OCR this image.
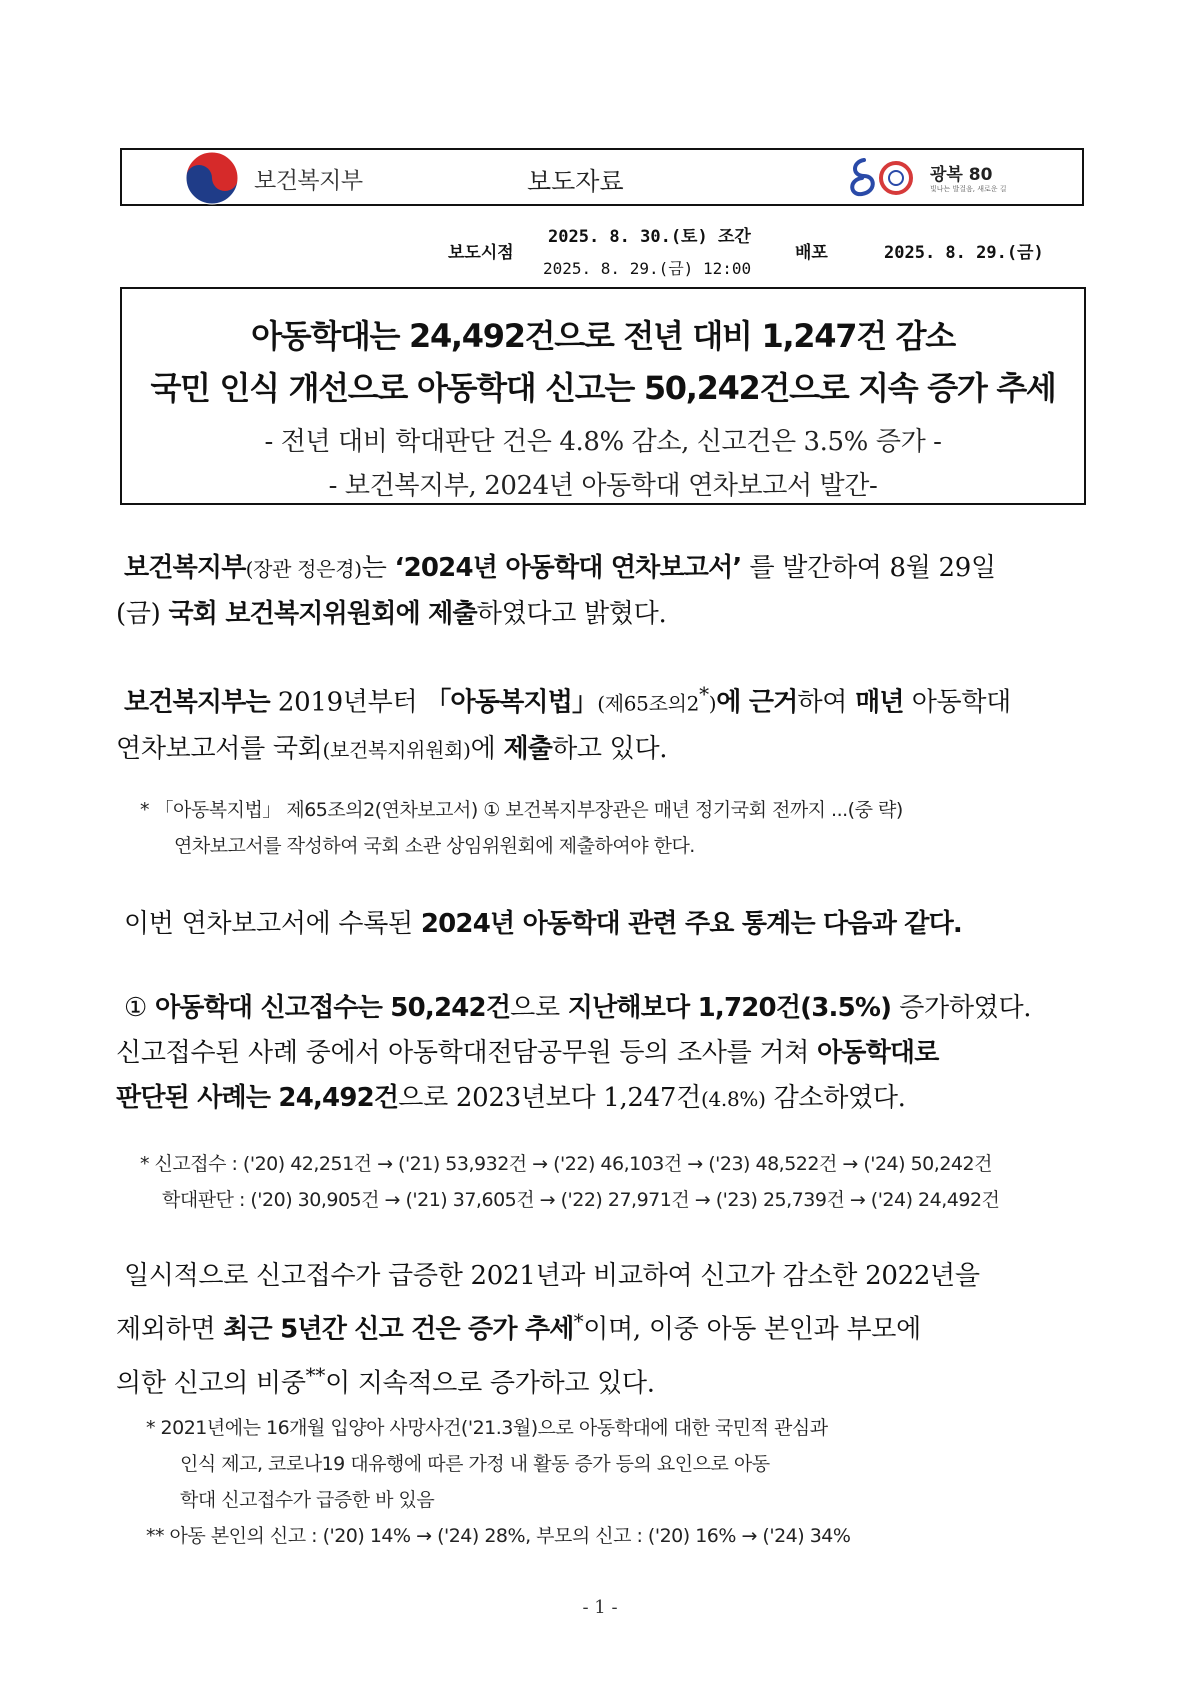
보건복지부	보도자료	광복 80
빛나는 발걸음, 새로운 길
보도시점
2025. 8. 30.(토) 조간
2025. 8. 29.(금) 12:00
배포	2025. 8. 29.(금)
아동학대는 24,492건으로 전년 대비 1,247건 감소
국민 인식 개선으로 아동학대 신고는 50,242건으로 지속 증가 추세
- 전년 대비 학대판단 건은 4.8% 감소, 신고건은 3.5% 증가 -
- 보건복지부, 2024년 아동학대 연차보고서 발간-
보건복지부(장관 정은경)는 ‘2024년 아동학대 연차보고서’ 를 발간하여 8월 29일
(금) 국회 보건복지위원회에 제출하였다고 밝혔다.
보건복지부는 2019년부터 「아동복지법」(제65조의2*)에 근거하여 매년 아동학대
연차보고서를 국회(보건복지위원회)에 제출하고 있다.
* 「아동복지법」 제65조의2(연차보고서) ① 보건복지부장관은 매년 정기국회 전까지 ...(중 략)
연차보고서를 작성하여 국회 소관 상임위원회에 제출하여야 한다.
이번 연차보고서에 수록된 2024년 아동학대 관련 주요 통계는 다음과 같다.
① 아동학대 신고접수는 50,242건으로 지난해보다 1,720건(3.5%) 증가하였다.
신고접수된 사례 중에서 아동학대전담공무원 등의 조사를 거쳐 아동학대로
판단된 사례는 24,492건으로 2023년보다 1,247건(4.8%) 감소하였다.
* 신고접수 : ('20) 42,251건 → ('21) 53,932건 → ('22) 46,103건 → ('23) 48,522건 → ('24) 50,242건
학대판단 : ('20) 30,905건 → ('21) 37,605건 → ('22) 27,971건 → ('23) 25,739건 → ('24) 24,492건
일시적으로 신고접수가 급증한 2021년과 비교하여 신고가 감소한 2022년을
제외하면 최근 5년간 신고 건은 증가 추세*이며, 이중 아동 본인과 부모에
의한 신고의 비중**이 지속적으로 증가하고 있다.
* 2021년에는 16개월 입양아 사망사건('21.3월)으로 아동학대에 대한 국민적 관심과
인식 제고, 코로나19 대유행에 따른 가정 내 활동 증가 등의 요인으로 아동
학대 신고접수가 급증한 바 있음
** 아동 본인의 신고 : ('20) 14% → ('24) 28%, 부모의 신고 : ('20) 16% → ('24) 34%
- 1 -
